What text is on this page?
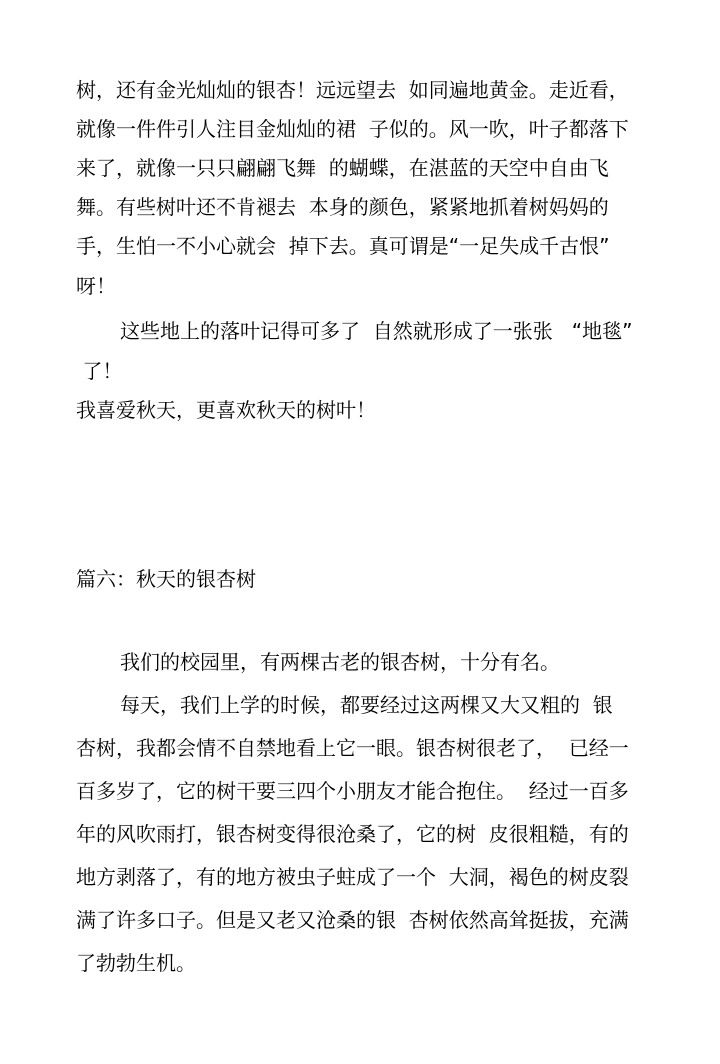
树，还有金光灿灿的银杏！远远望去  如同遍地黄金。走近看，
就像一件件引人注目金灿灿的裙  子似的。风一吹，叶子都落下
来了，就像一只只翩翩飞舞  的蝴蝶，在湛蓝的天空中自由飞
舞。有些树叶还不肯褪去  本身的颜色，紧紧地抓着树妈妈的
手，生怕一不小心就会  掉下去。真可谓是“一足失成千古恨”
呀！
这些地上的落叶记得可多了  自然就形成了一张张   “地毯”
了！
我喜爱秋天，更喜欢秋天的树叶！
篇六：秋天的银杏树
我们的校园里，有两棵古老的银杏树，十分有名。
每天，我们上学的时候，都要经过这两棵又大又粗的  银
杏树，我都会情不自禁地看上它一眼。银杏树很老了，  已经一
百多岁了，它的树干要三四个小朋友才能合抱住。  经过一百多
年的风吹雨打，银杏树变得很沧桑了，它的树  皮很粗糙，有的
地方剥落了，有的地方被虫子蛀成了一个  大洞，褐色的树皮裂
满了许多口子。但是又老又沧桑的银  杏树依然高耸挺拔，充满
了勃勃生机。
